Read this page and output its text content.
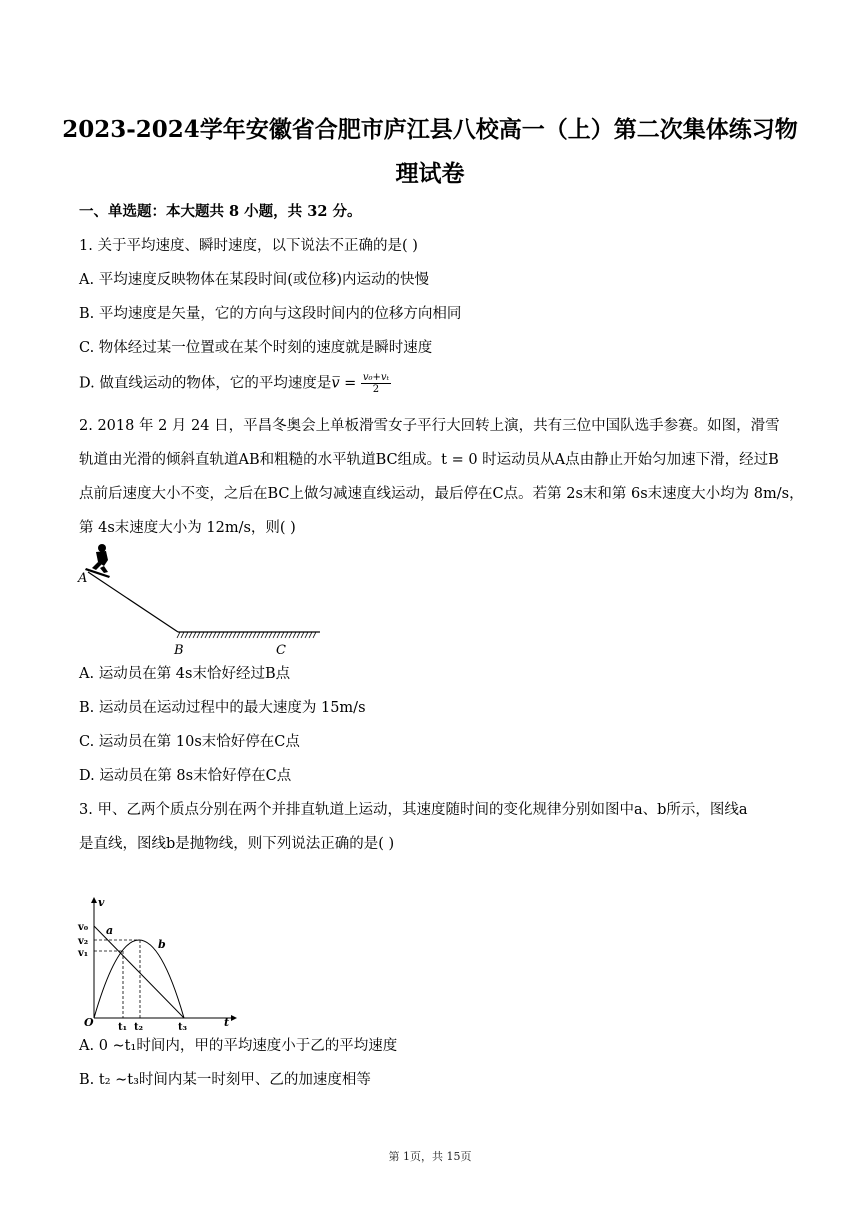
2023-2024学年安徽省合肥市庐江县八校高一（上）第二次集体练习物
理试卷
一、单选题：本大题共 8 小题，共 32 分。
1. 关于平均速度、瞬时速度，以下说法不正确的是( )
A. 平均速度反映物体在某段时间(或位移)内运动的快慢
B. 平均速度是矢量，它的方向与这段时间内的位移方向相同
C. 物体经过某一位置或在某个时刻的速度就是瞬时速度
D. 做直线运动的物体，它的平均速度是v̅ = $\frac{\text{v₀+vₜ}}{2}$
2. 2018 年 2 月 24 日，平昌冬奥会上单板滑雪女子平行大回转上演，共有三位中国队选手参赛。如图，滑雪
轨道由光滑的倾斜直轨道AB和粗糙的水平轨道BC组成。t = 0 时运动员从A点由静止开始匀加速下滑，经过B
点前后速度大小不变，之后在BC上做匀减速直线运动，最后停在C点。若第 2s末和第 6s末速度大小均为 8m/s，
第 4s末速度大小为 12m/s，则( )
A
B	C
A. 运动员在第 4s末恰好经过B点
B. 运动员在运动过程中的最大速度为 15m/s
C. 运动员在第 10s末恰好停在C点
D. 运动员在第 8s末恰好停在C点
3. 甲、乙两个质点分别在两个并排直轨道上运动，其速度随时间的变化规律分别如图中a、b所示，图线a
是直线，图线b是抛物线，则下列说法正确的是( )
v
t
O
v₀
v₂
v₁
t₁ t₂	t₃
a
b
A. 0 ∼t₁时间内，甲的平均速度小于乙的平均速度
B. t₂ ∼t₃时间内某一时刻甲、乙的加速度相等
第 1页，共 15页
